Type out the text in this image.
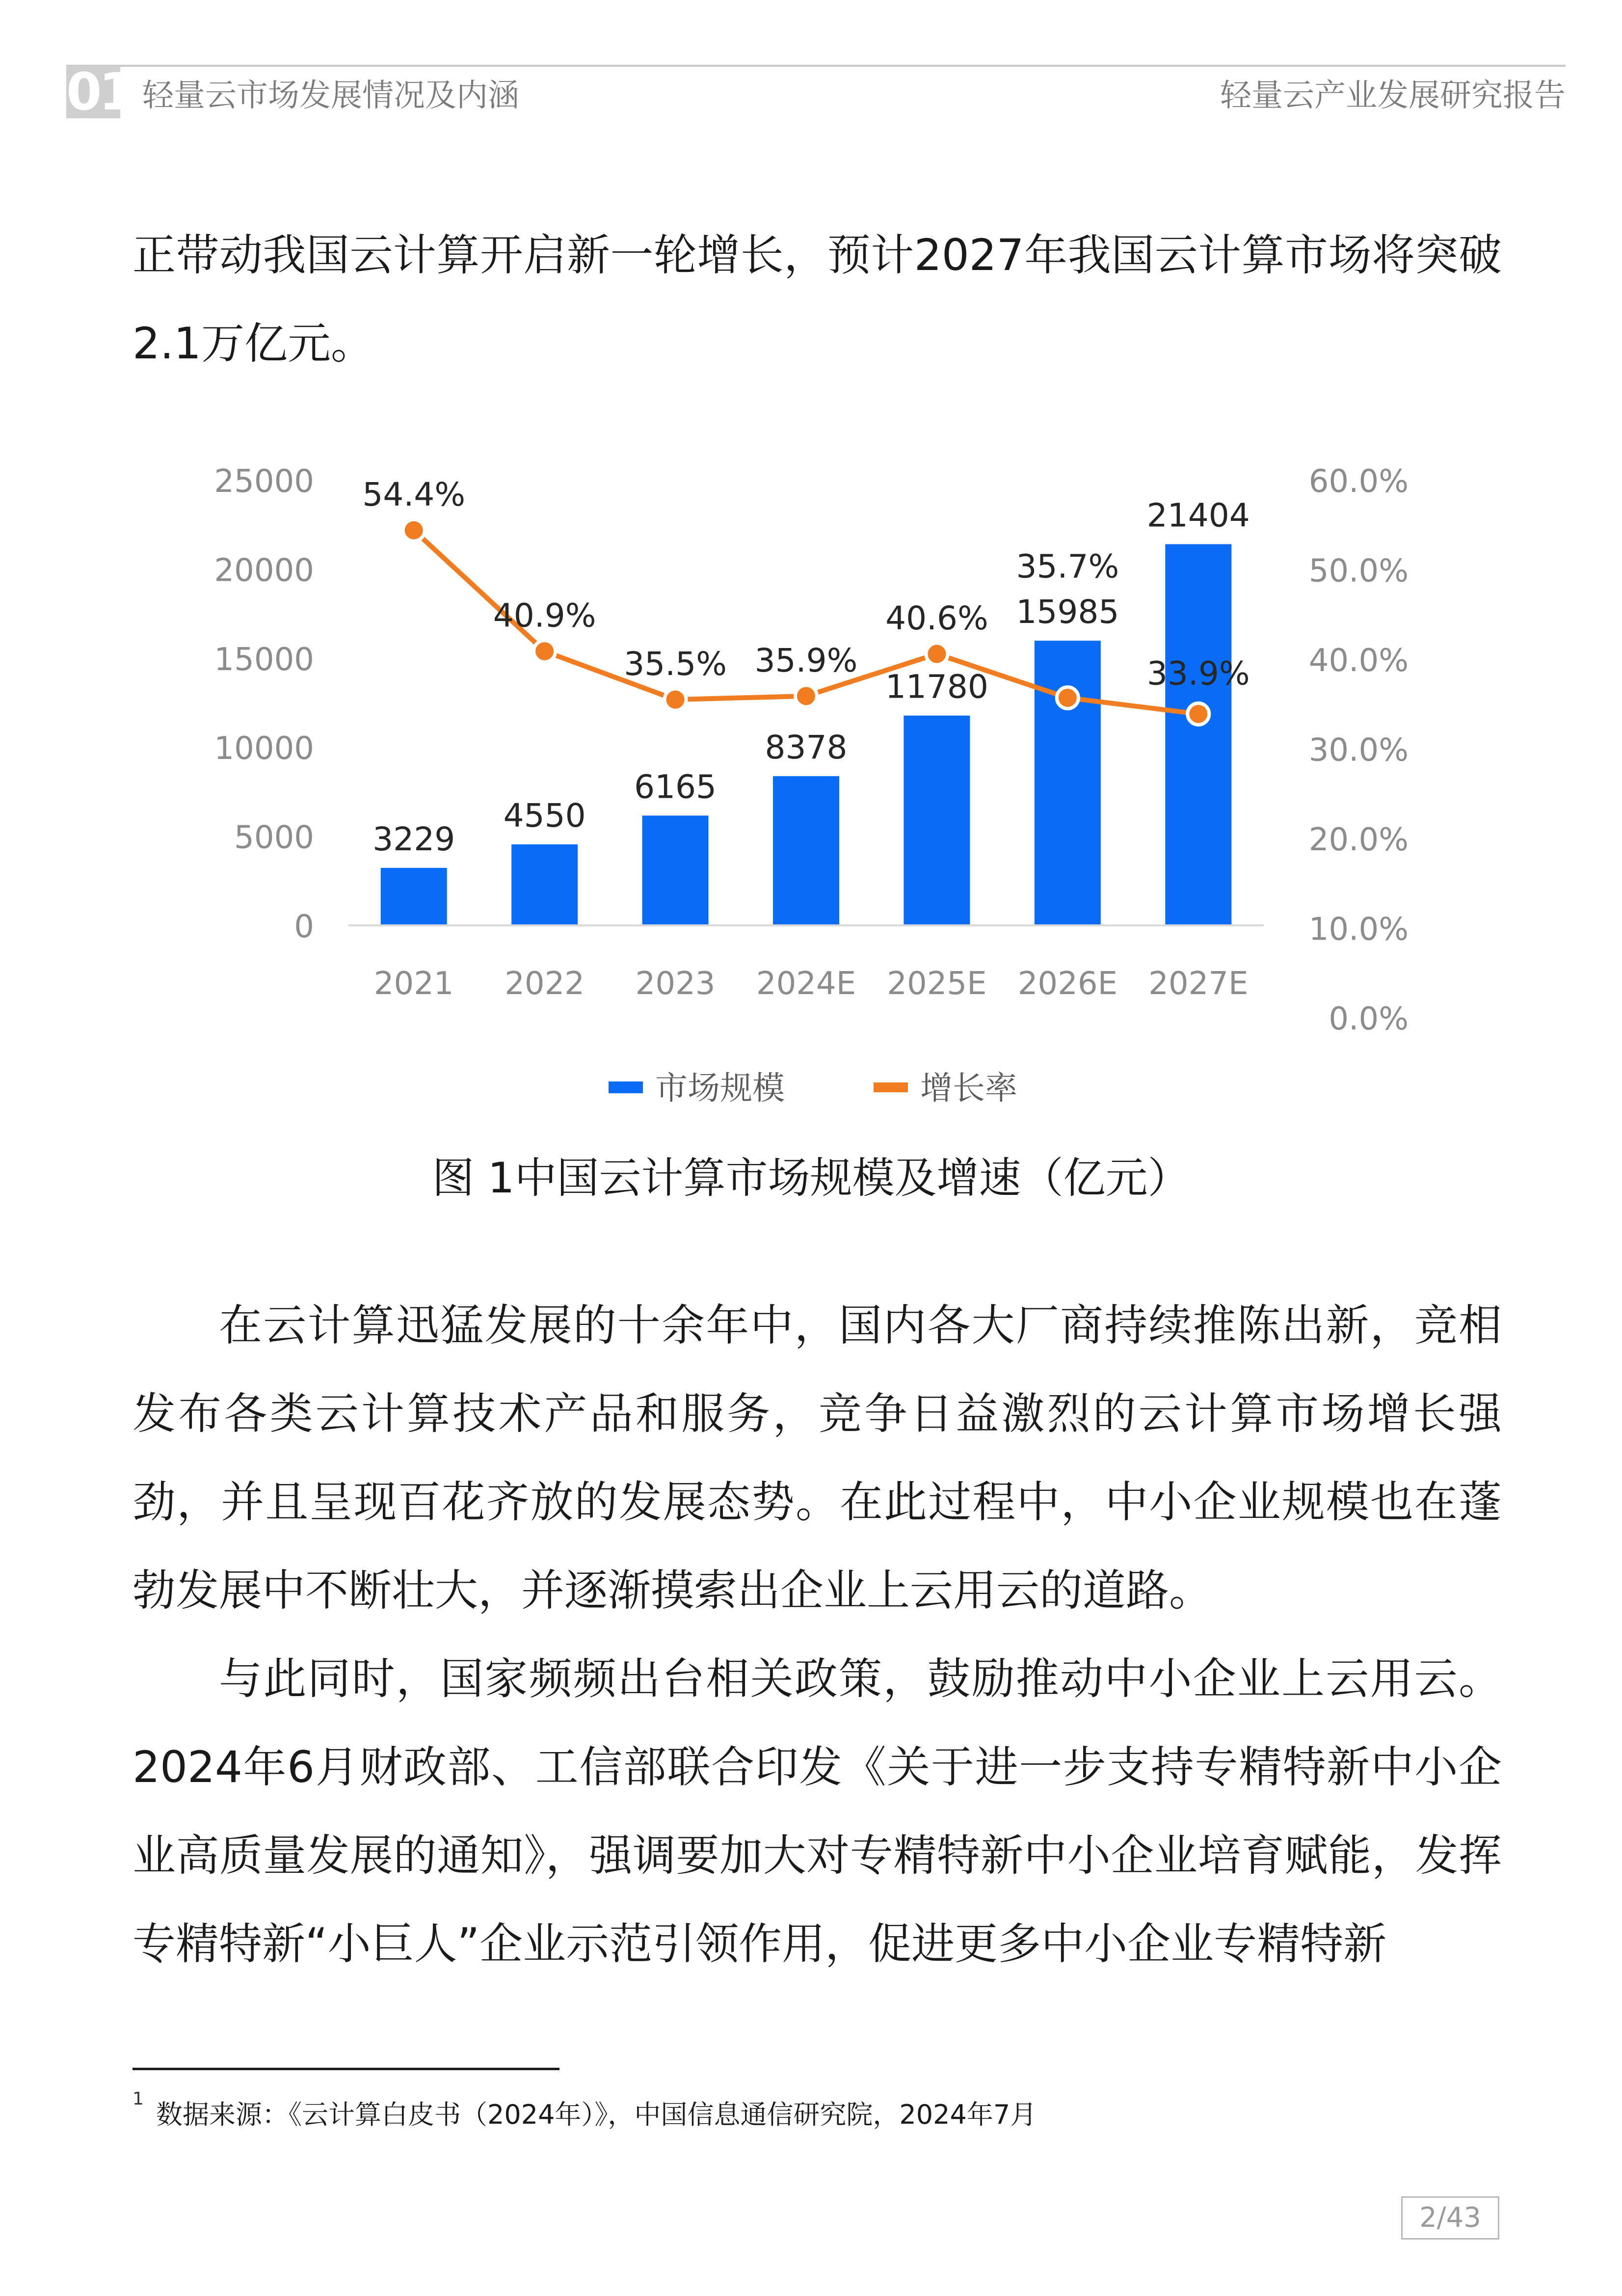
01 轻量云市场发展情况及内涵	轻量云产业发展研究报告

正带动我国云计算开启新一轮增长，预计2027年我国云计算市场将突破2.1万亿元。

3229
4550
6165
8378
11780
15985
21404
54.4%
40.9%
35.5% 35.9%
40.6%
35.7%
33.9%
0
5000
10000
15000
20000
25000
0.0%
10.0%
20.0%
30.0%
40.0%
50.0%
60.0%
2021 2022 2023 2024E 2025E 2026E 2027E
市场规模	增长率
图 1中国云计算市场规模及增速（亿元）

在云计算迅猛发展的十余年中，国内各大厂商持续推陈出新，竞相发布各类云计算技术产品和服务，竞争日益激烈的云计算市场增长强劲，并且呈现百花齐放的发展态势。在此过程中，中小企业规模也在蓬勃发展中不断壮大，并逐渐摸索出企业上云用云的道路。

与此同时，国家频频出台相关政策，鼓励推动中小企业上云用云。2024年6月财政部、工信部联合印发《关于进一步支持专精特新中小企业高质量发展的通知》，强调要加大对专精特新中小企业培育赋能，发挥专精特新“小巨人”企业示范引领作用，促进更多中小企业专精特新

1
数据来源：《云计算白皮书（2024年）》，中国信息通信研究院，2024年7月
2/43
